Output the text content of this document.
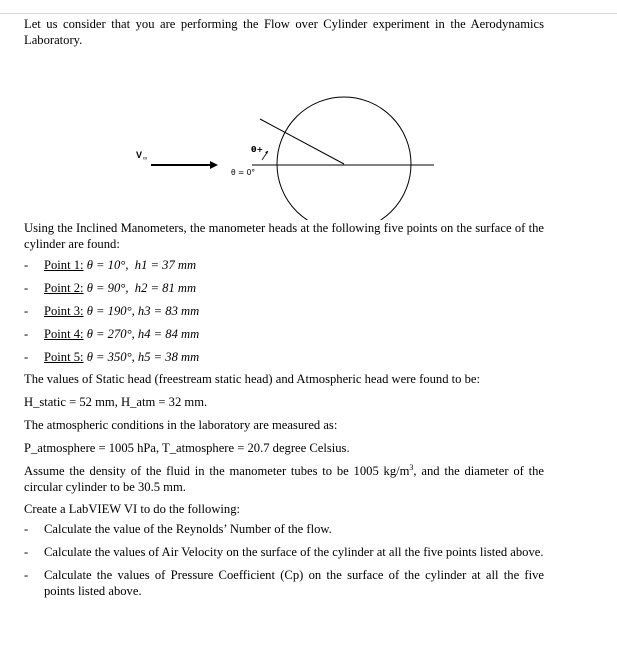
Let us consider that you are performing the Flow over Cylinder experiment in the Aerodynamics Laboratory.

V ∞
θ+
θ = 0°

Using the Inclined Manometers, the manometer heads at the following five points on the surface of the cylinder are found:

- Point 1: θ = 10°, h1 = 37 mm
- Point 2: θ = 90°, h2 = 81 mm
- Point 3: θ = 190°, h3 = 83 mm
- Point 4: θ = 270°, h4 = 84 mm
- Point 5: θ = 350°, h5 = 38 mm

The values of Static head (freestream static head) and Atmospheric head were found to be:

H_static = 52 mm, H_atm = 32 mm.

The atmospheric conditions in the laboratory are measured as:

P_atmosphere = 1005 hPa, T_atmosphere = 20.7 degree Celsius.

Assume the density of the fluid in the manometer tubes to be 1005 $kg/m^3$, and the diameter of the circular cylinder to be 30.5 mm.

Create a LabVIEW VI to do the following:

- Calculate the value of the Reynolds’ Number of the flow.
- Calculate the values of Air Velocity on the surface of the cylinder at all the five points listed above.
- Calculate the values of Pressure Coefficient (Cp) on the surface of the cylinder at all the five points listed above.
